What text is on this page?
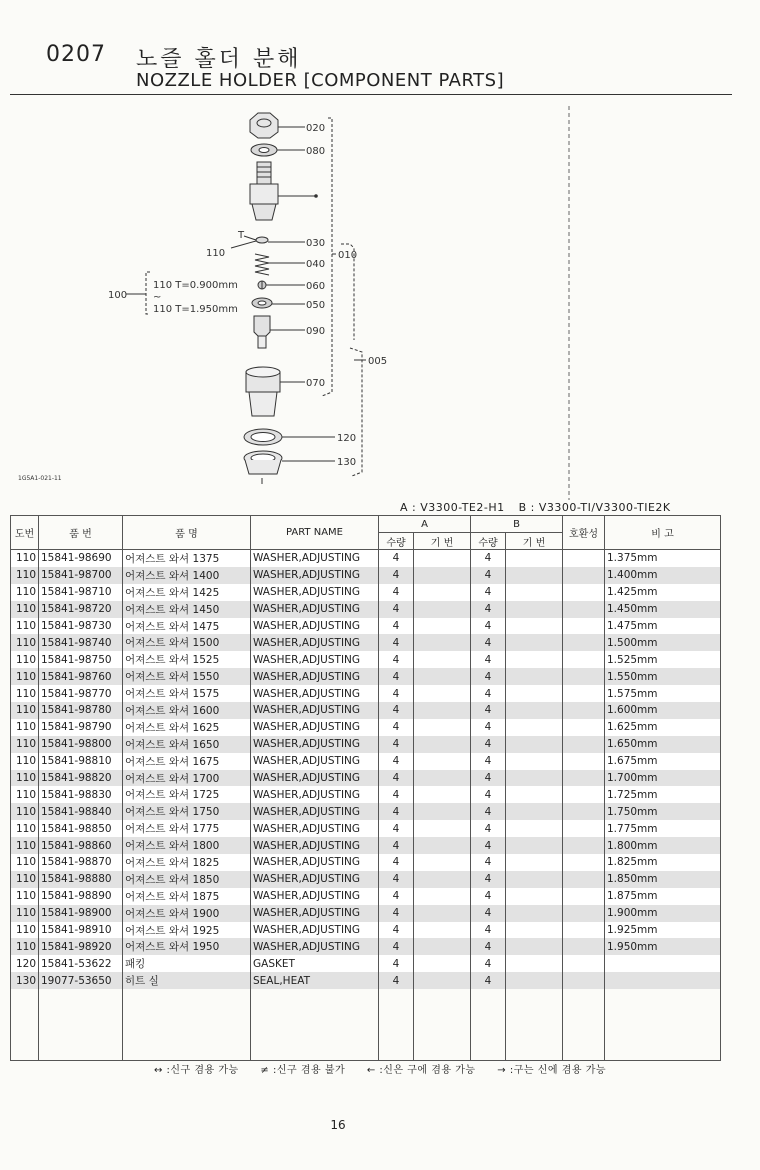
0207 노즐 홀더 분해
NOZZLE HOLDER [COMPONENT PARTS]
020
080
030
040
010
060
050
090
005
070
120
130
110
T
100
110 T=0.900mm
~
110 T=1.950mm
1G5A1-021-11
A : V3300-TE2-H1 B : V3300-TI/V3300-TIE2K
도번	품 번	품 명	PART NAME	A		B		호환성	비 고
				수량	기 번	수량	기 번		
110	15841-98690	어져스트 와셔 1375	WASHER,ADJUSTING	4		4			1.375mm
110	15841-98700	어져스트 와셔 1400	WASHER,ADJUSTING	4		4			1.400mm
110	15841-98710	어져스트 와셔 1425	WASHER,ADJUSTING	4		4			1.425mm
110	15841-98720	어져스트 와셔 1450	WASHER,ADJUSTING	4		4			1.450mm
110	15841-98730	어져스트 와셔 1475	WASHER,ADJUSTING	4		4			1.475mm
110	15841-98740	어져스트 와셔 1500	WASHER,ADJUSTING	4		4			1.500mm
110	15841-98750	어져스트 와셔 1525	WASHER,ADJUSTING	4		4			1.525mm
110	15841-98760	어져스트 와셔 1550	WASHER,ADJUSTING	4		4			1.550mm
110	15841-98770	어져스트 와셔 1575	WASHER,ADJUSTING	4		4			1.575mm
110	15841-98780	어져스트 와셔 1600	WASHER,ADJUSTING	4		4			1.600mm
110	15841-98790	어져스트 와셔 1625	WASHER,ADJUSTING	4		4			1.625mm
110	15841-98800	어져스트 와셔 1650	WASHER,ADJUSTING	4		4			1.650mm
110	15841-98810	어져스트 와셔 1675	WASHER,ADJUSTING	4		4			1.675mm
110	15841-98820	어져스트 와셔 1700	WASHER,ADJUSTING	4		4			1.700mm
110	15841-98830	어져스트 와셔 1725	WASHER,ADJUSTING	4		4			1.725mm
110	15841-98840	어져스트 와셔 1750	WASHER,ADJUSTING	4		4			1.750mm
110	15841-98850	어져스트 와셔 1775	WASHER,ADJUSTING	4		4			1.775mm
110	15841-98860	어져스트 와셔 1800	WASHER,ADJUSTING	4		4			1.800mm
110	15841-98870	어져스트 와셔 1825	WASHER,ADJUSTING	4		4			1.825mm
110	15841-98880	어져스트 와셔 1850	WASHER,ADJUSTING	4		4			1.850mm
110	15841-98890	어져스트 와셔 1875	WASHER,ADJUSTING	4		4			1.875mm
110	15841-98900	어져스트 와셔 1900	WASHER,ADJUSTING	4		4			1.900mm
110	15841-98910	어져스트 와셔 1925	WASHER,ADJUSTING	4		4			1.925mm
110	15841-98920	어져스트 와셔 1950	WASHER,ADJUSTING	4		4			1.950mm
120	15841-53622	패킹	GASKET	4		4			
130	19077-53650	히트 실	SEAL,HEAT	4		4			

↔ :신구 겸용 가능 ≠ :신구 겸용 불가 ← :신은 구에 겸용 가능 → :구는 신에 겸용 가능
16
